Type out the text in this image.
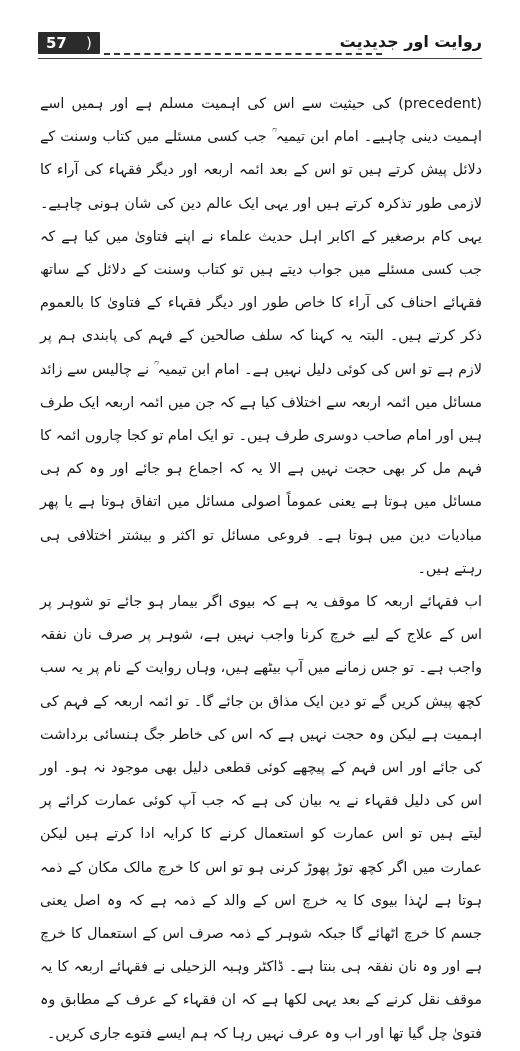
57	)	روایت اور جدیدیت

(precedent) کی حیثیت سے اس کی اہمیت مسلم ہے اور ہمیں اسے اہمیت دینی چاہیے۔ امام ابن تیمیہ ؒ جب کسی مسئلے میں کتاب وسنت کے دلائل پیش کرتے ہیں تو اس کے بعد ائمہ اربعہ اور دیگر فقہاء کی آراء کا لازمی طور تذکرہ کرتے ہیں اور یہی ایک عالم دین کی شان ہونی چاہیے۔ یہی کام برصغیر کے اکابر اہل حدیث علماء نے اپنے فتاویٰ میں کیا ہے کہ جب کسی مسئلے میں جواب دیتے ہیں تو کتاب وسنت کے دلائل کے ساتھ فقہائے احناف کی آراء کا خاص طور اور دیگر فقہاء کے فتاویٰ کا بالعموم ذکر کرتے ہیں۔ البتہ یہ کہنا کہ سلف صالحین کے فہم کی پابندی ہم پر لازم ہے تو اس کی کوئی دلیل نہیں ہے۔ امام ابن تیمیہ ؒ نے چالیس سے زائد مسائل میں ائمہ اربعہ سے اختلاف کیا ہے کہ جن میں ائمہ اربعہ ایک طرف ہیں اور امام صاحب دوسری طرف ہیں۔ تو ایک امام تو کجا چاروں ائمہ کا فہم مل کر بھی حجت نہیں ہے الا یہ کہ اجماع ہو جائے اور وہ کم ہی مسائل میں ہوتا ہے یعنی عموماً اصولی مسائل میں اتفاق ہوتا ہے یا پھر مبادیات دین میں ہوتا ہے۔ فروعی مسائل تو اکثر و بیشتر اختلافی ہی رہتے ہیں۔

اب فقہائے اربعہ کا موقف یہ ہے کہ بیوی اگر بیمار ہو جائے تو شوہر پر اس کے علاج کے لیے خرچ کرنا واجب نہیں ہے، شوہر پر صرف نان نفقہ واجب ہے۔ تو جس زمانے میں آپ بیٹھے ہیں، وہاں روایت کے نام پر یہ سب کچھ پیش کریں گے تو دین ایک مذاق بن جائے گا۔ تو ائمہ اربعہ کے فہم کی اہمیت ہے لیکن وہ حجت نہیں ہے کہ اس کی خاطر جگ ہنسائی برداشت کی جائے اور اس فہم کے پیچھے کوئی قطعی دلیل بھی موجود نہ ہو۔ اور اس کی دلیل فقہاء نے یہ بیان کی ہے کہ جب آپ کوئی عمارت کرائے پر لیتے ہیں تو اس عمارت کو استعمال کرنے کا کرایہ ادا کرتے ہیں لیکن عمارت میں اگر کچھ توڑ پھوڑ کرنی ہو تو اس کا خرچ مالک مکان کے ذمہ ہوتا ہے لہٰذا بیوی کا یہ خرچ اس کے والد کے ذمہ ہے کہ وہ اصل یعنی جسم کا خرچ اٹھائے گا جبکہ شوہر کے ذمہ صرف اس کے استعمال کا خرچ ہے اور وہ نان نفقہ ہی بنتا ہے۔ ڈاکٹر وہبہ الزحیلی نے فقہائے اربعہ کا یہ موقف نقل کرنے کے بعد یہی لکھا ہے کہ ان فقہاء کے عرف کے مطابق وہ فتویٰ چل گیا تھا اور اب وہ عرف نہیں رہا کہ ہم ایسے فتوے جاری کریں۔
